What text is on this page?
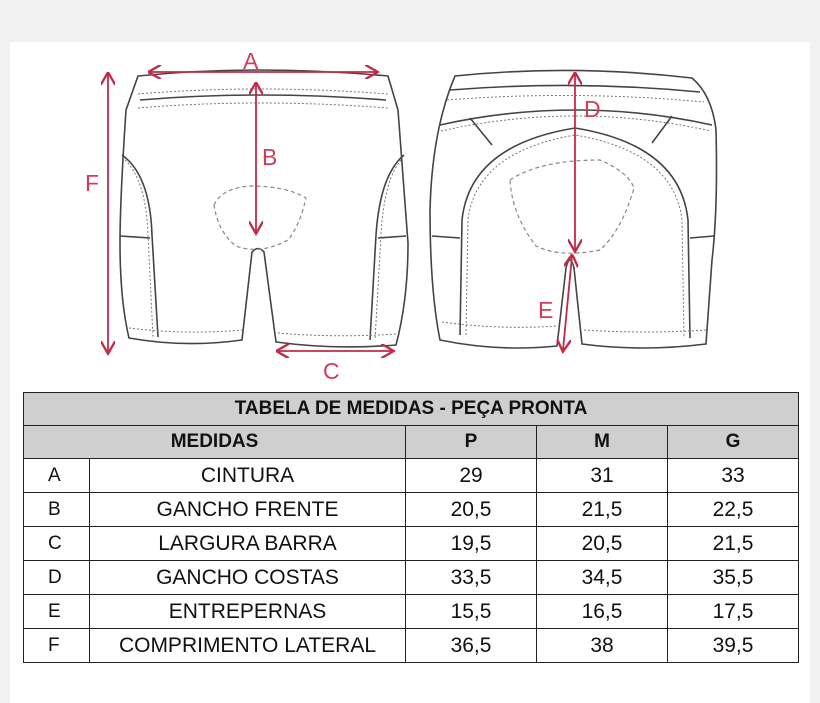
A
B
C
D
E
F
TABELA DE MEDIDAS - PEÇA PRONTA				
MEDIDAS		P	M	G
A	CINTURA	29	31	33
B	GANCHO FRENTE	20,5	21,5	22,5
C	LARGURA BARRA	19,5	20,5	21,5
D	GANCHO COSTAS	33,5	34,5	35,5
E	ENTREPERNAS	15,5	16,5	17,5
F	COMPRIMENTO LATERAL	36,5	38	39,5
